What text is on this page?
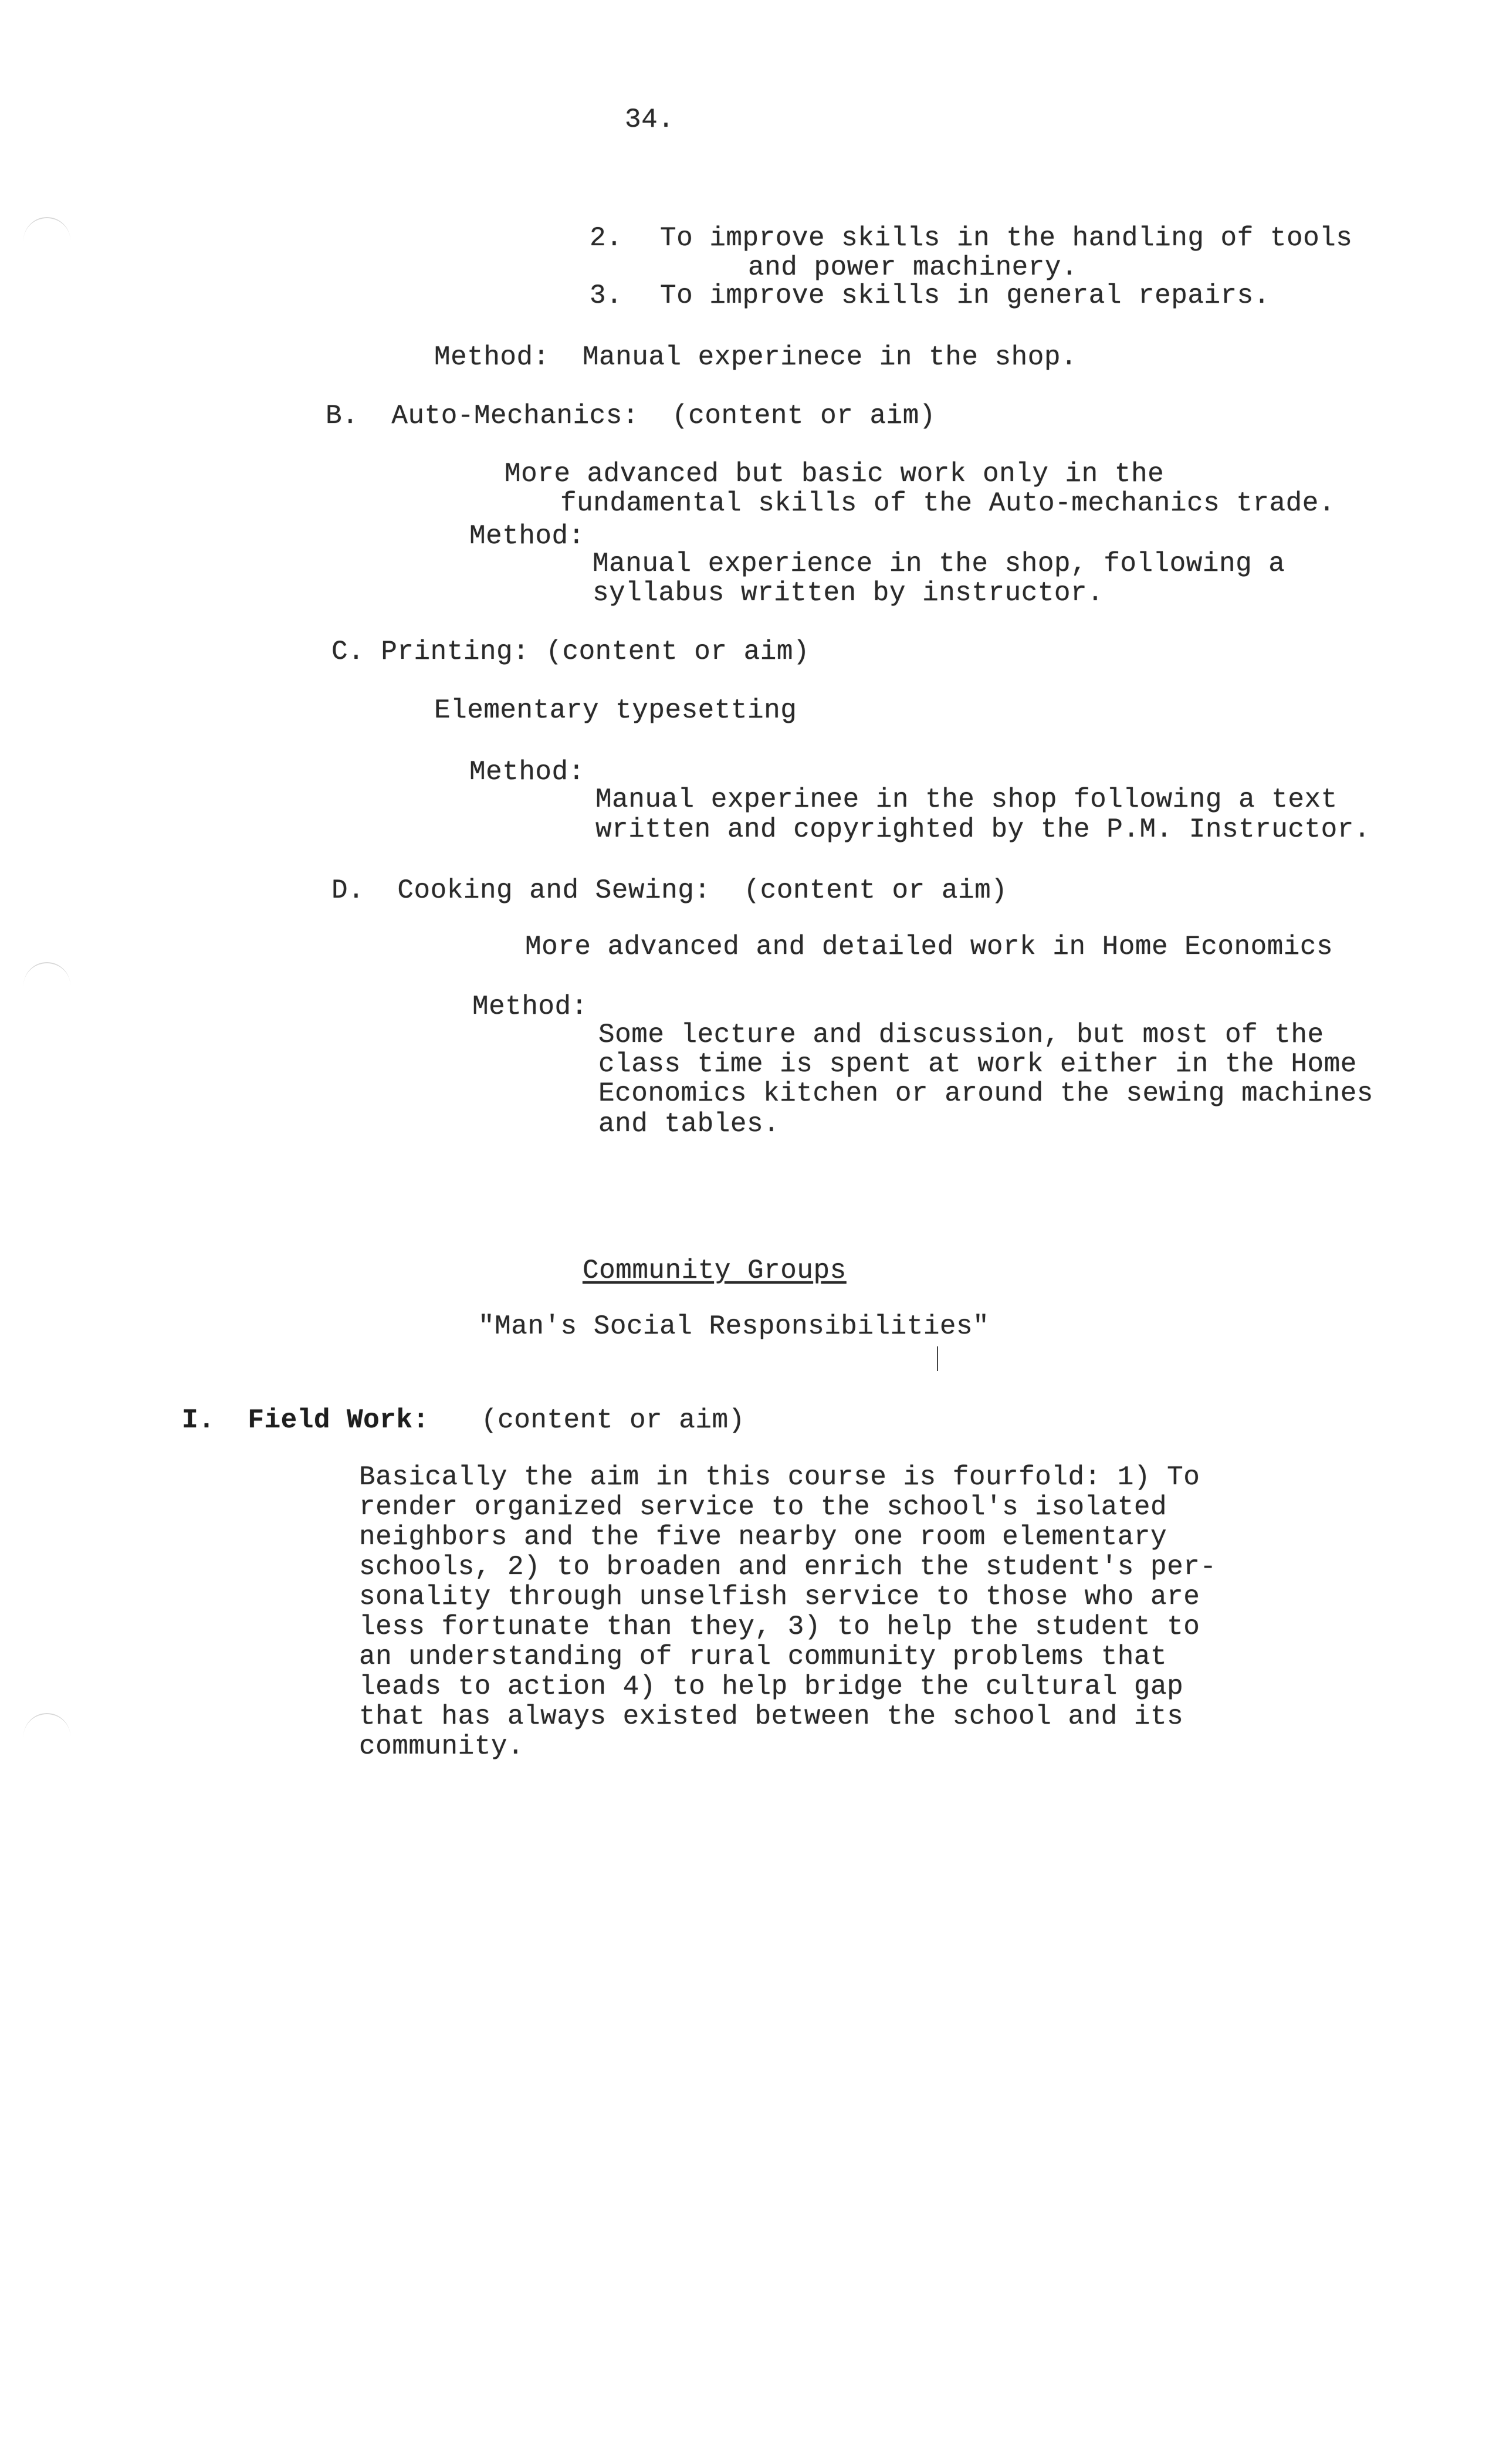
34.
2. To improve skills in the handling of tools
and power machinery.
3. To improve skills in general repairs.
Method:  Manual experinece in the shop.
B.  Auto-Mechanics:  (content or aim)
More advanced but basic work only in the
fundamental skills of the Auto-mechanics trade.
Method:
Manual experience in the shop, following a
syllabus written by instructor.
C. Printing: (content or aim)
Elementary typesetting
Method:
Manual experinee in the shop following a text
written and copyrighted by the P.M. Instructor.
D.  Cooking and Sewing:  (content or aim)
More advanced and detailed work in Home Economics
Method:
Some lecture and discussion, but most of the
class time is spent at work either in the Home
Economics kitchen or around the sewing machines
and tables.
Community Groups
"Man's Social Responsibilities"
I.  Field Work: (content or aim)
Basically the aim in this course is fourfold: 1) To
render organized service to the school's isolated
neighbors and the five nearby one room elementary
schools, 2) to broaden and enrich the student's per-
sonality through unselfish service to those who are
less fortunate than they, 3) to help the student to
an understanding of rural community problems that
leads to action 4) to help bridge the cultural gap
that has always existed between the school and its
community.
